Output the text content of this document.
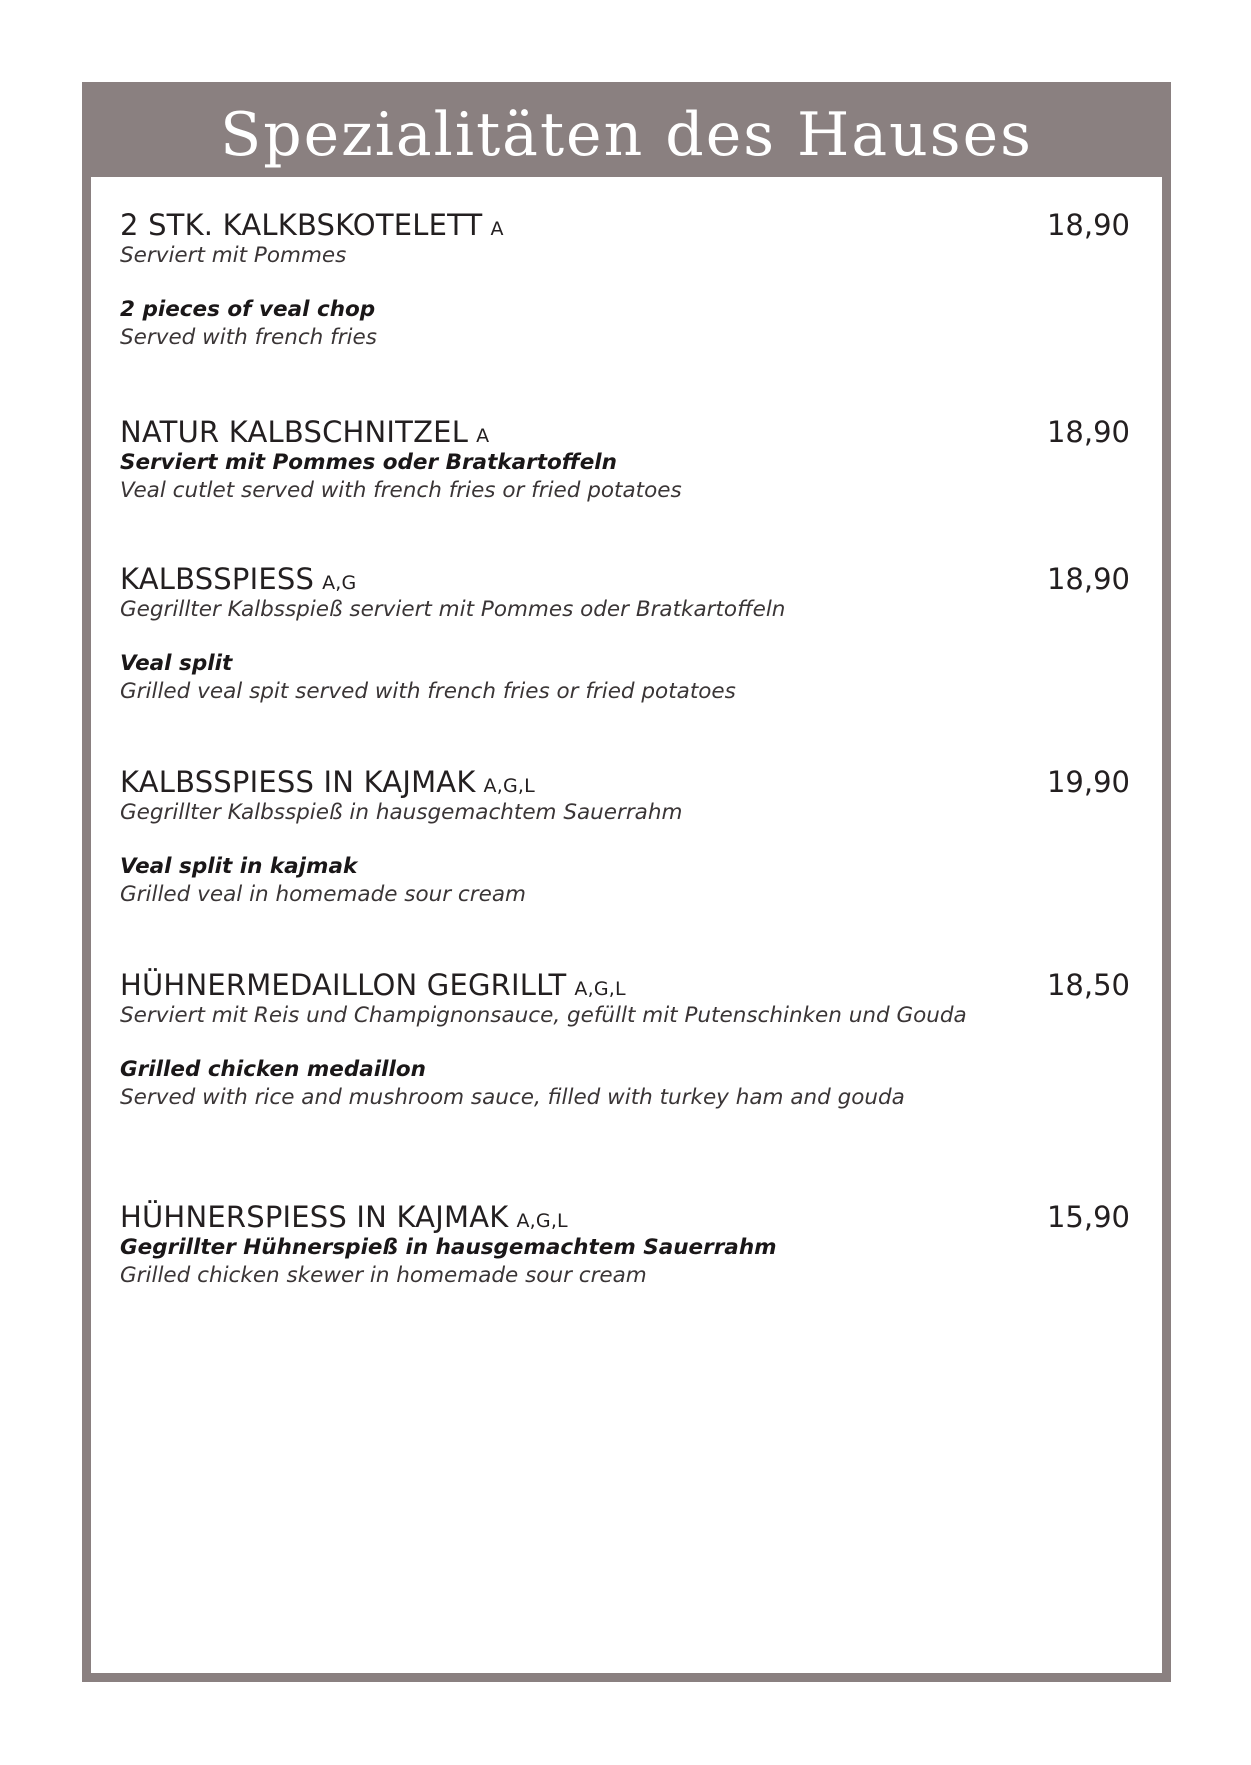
Spezialitäten des Hauses
2 STK. KALKBSKOTELETT A	18,90
Serviert mit Pommes
2 pieces of veal chop
Served with french fries
NATUR KALBSCHNITZEL A	18,90
Serviert mit Pommes oder Bratkartoffeln
Veal cutlet served with french fries or fried potatoes
KALBSSPIESS A,G	18,90
Gegrillter Kalbsspieß serviert mit Pommes oder Bratkartoffeln
Veal split
Grilled veal spit served with french fries or fried potatoes
KALBSSPIESS IN KAJMAK A,G,L	19,90
Gegrillter Kalbsspieß in hausgemachtem Sauerrahm
Veal split in kajmak
Grilled veal in homemade sour cream
HÜHNERMEDAILLON GEGRILLT A,G,L	18,50
Serviert mit Reis und Champignonsauce, gefüllt mit Putenschinken und Gouda
Grilled chicken medaillon
Served with rice and mushroom sauce, filled with turkey ham and gouda
HÜHNERSPIESS IN KAJMAK A,G,L	15,90
Gegrillter Hühnerspieß in hausgemachtem Sauerrahm
Grilled chicken skewer in homemade sour cream
